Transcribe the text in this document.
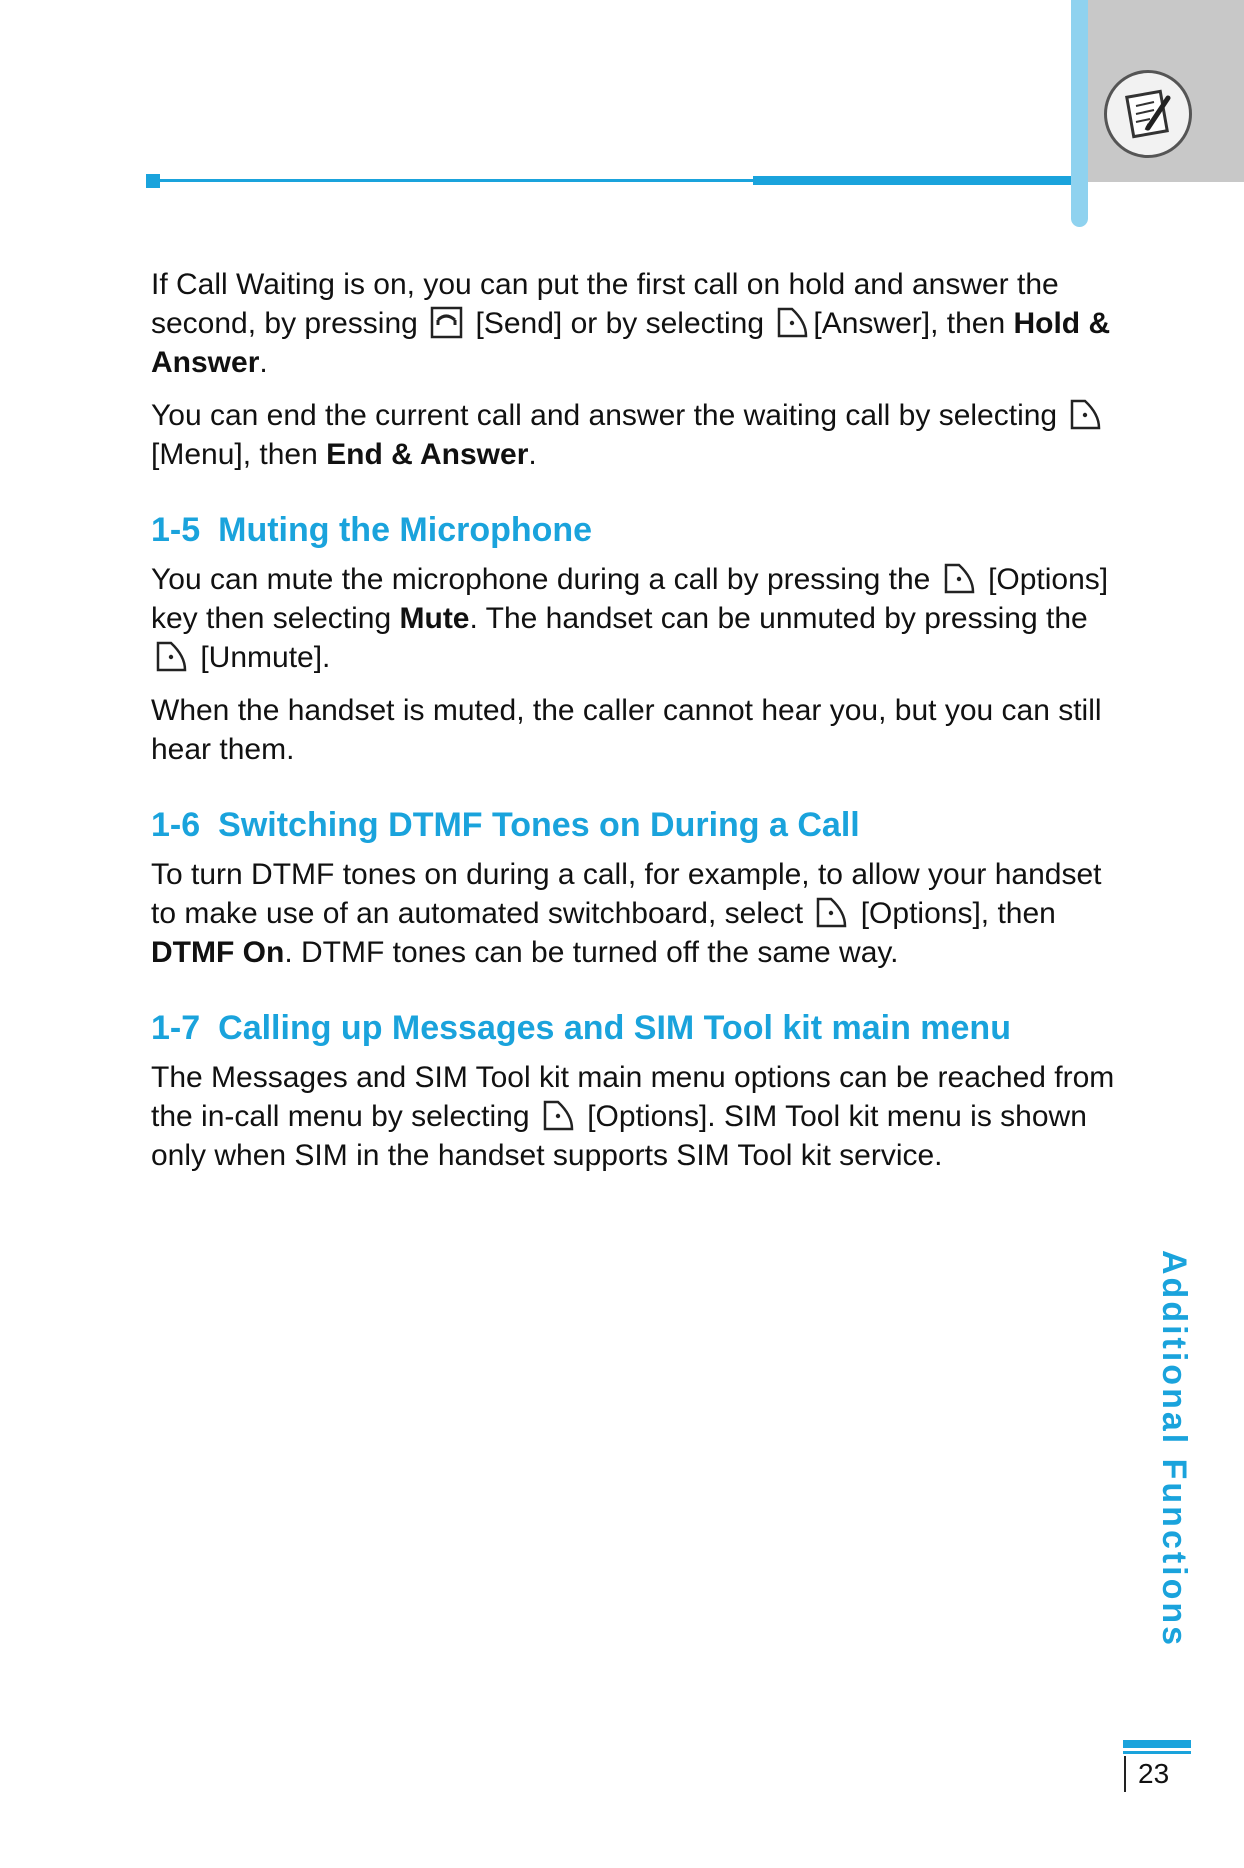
If Call Waiting is on, you can put the first call on hold and answer the second, by pressing [Send] or by selecting [Answer], then Hold & Answer.

You can end the current call and answer the waiting call by selecting
[Menu], then End & Answer.

1-5 Muting the Microphone

You can mute the microphone during a call by pressing the [Options] key then selecting Mute. The handset can be unmuted by pressing the
[Unmute].

When the handset is muted, the caller cannot hear you, but you can still hear them.

1-6 Switching DTMF Tones on During a Call

To turn DTMF tones on during a call, for example, to allow your handset to make use of an automated switchboard, select [Options], then DTMF On. DTMF tones can be turned off the same way.

1-7 Calling up Messages and SIM Tool kit main menu

The Messages and SIM Tool kit main menu options can be reached from the in-call menu by selecting [Options]. SIM Tool kit menu is shown only when SIM in the handset supports SIM Tool kit service.

Additional Functions
23
